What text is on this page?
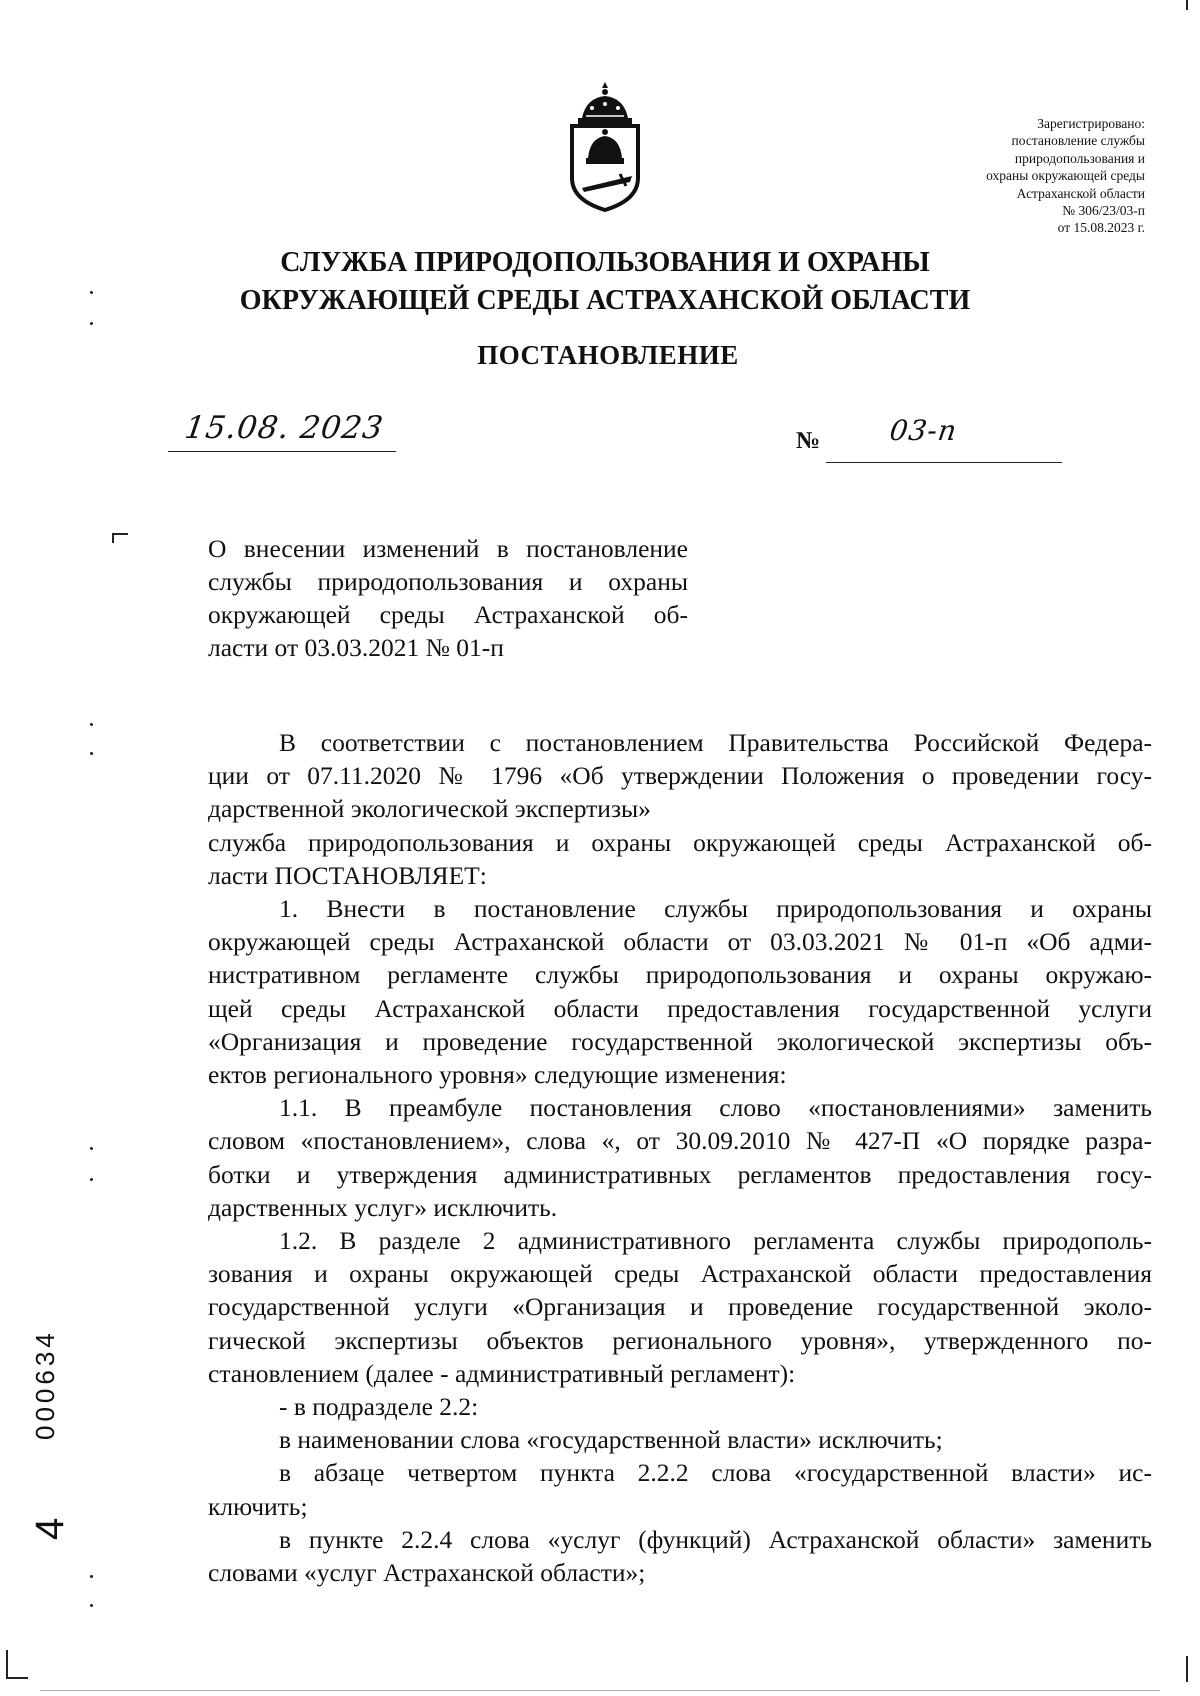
Зарегистрировано:
постановление службы
природопользования и
охраны окружающей среды
Астраханской области
№ 306/23/03-п
от 15.08.2023 г.
СЛУЖБА ПРИРОДОПОЛЬЗОВАНИЯ И ОХРАНЫ
ОКРУЖАЮЩЕЙ СРЕДЫ АСТРАХАНСКОЙ ОБЛАСТИ
ПОСТАНОВЛЕНИЕ
15.08. 2023	№ 03-п
О внесении изменений в постановление
службы природопользования и охраны
окружающей среды Астраханской об-
ласти от 03.03.2021 № 01-п
В соответствии с постановлением Правительства Российской Федера-
ции от 07.11.2020 № 1796 «Об утверждении Положения о проведении госу-
дарственной экологической экспертизы»
служба природопользования и охраны окружающей среды Астраханской об-
ласти ПОСТАНОВЛЯЕТ:
1. Внести в постановление службы природопользования и охраны
окружающей среды Астраханской области от 03.03.2021 № 01-п «Об адми-
нистративном регламенте службы природопользования и охраны окружаю-
щей среды Астраханской области предоставления государственной услуги
«Организация и проведение государственной экологической экспертизы объ-
ектов регионального уровня» следующие изменения:
1.1. В преамбуле постановления слово «постановлениями» заменить
словом «постановлением», слова «, от 30.09.2010 № 427-П «О порядке разра-
ботки и утверждения административных регламентов предоставления госу-
дарственных услуг» исключить.
1.2. В разделе 2 административного регламента службы природополь-
зования и охраны окружающей среды Астраханской области предоставления
государственной услуги «Организация и проведение государственной эколо-
гической экспертизы объектов регионального уровня», утвержденного по-
становлением (далее - административный регламент):
- в подразделе 2.2:
в наименовании слова «государственной власти» исключить;
в абзаце четвертом пункта 2.2.2 слова «государственной власти» ис-
ключить;
в пункте 2.2.4 слова «услуг (функций) Астраханской области» заменить
словами «услуг Астраханской области»;
000634
4
